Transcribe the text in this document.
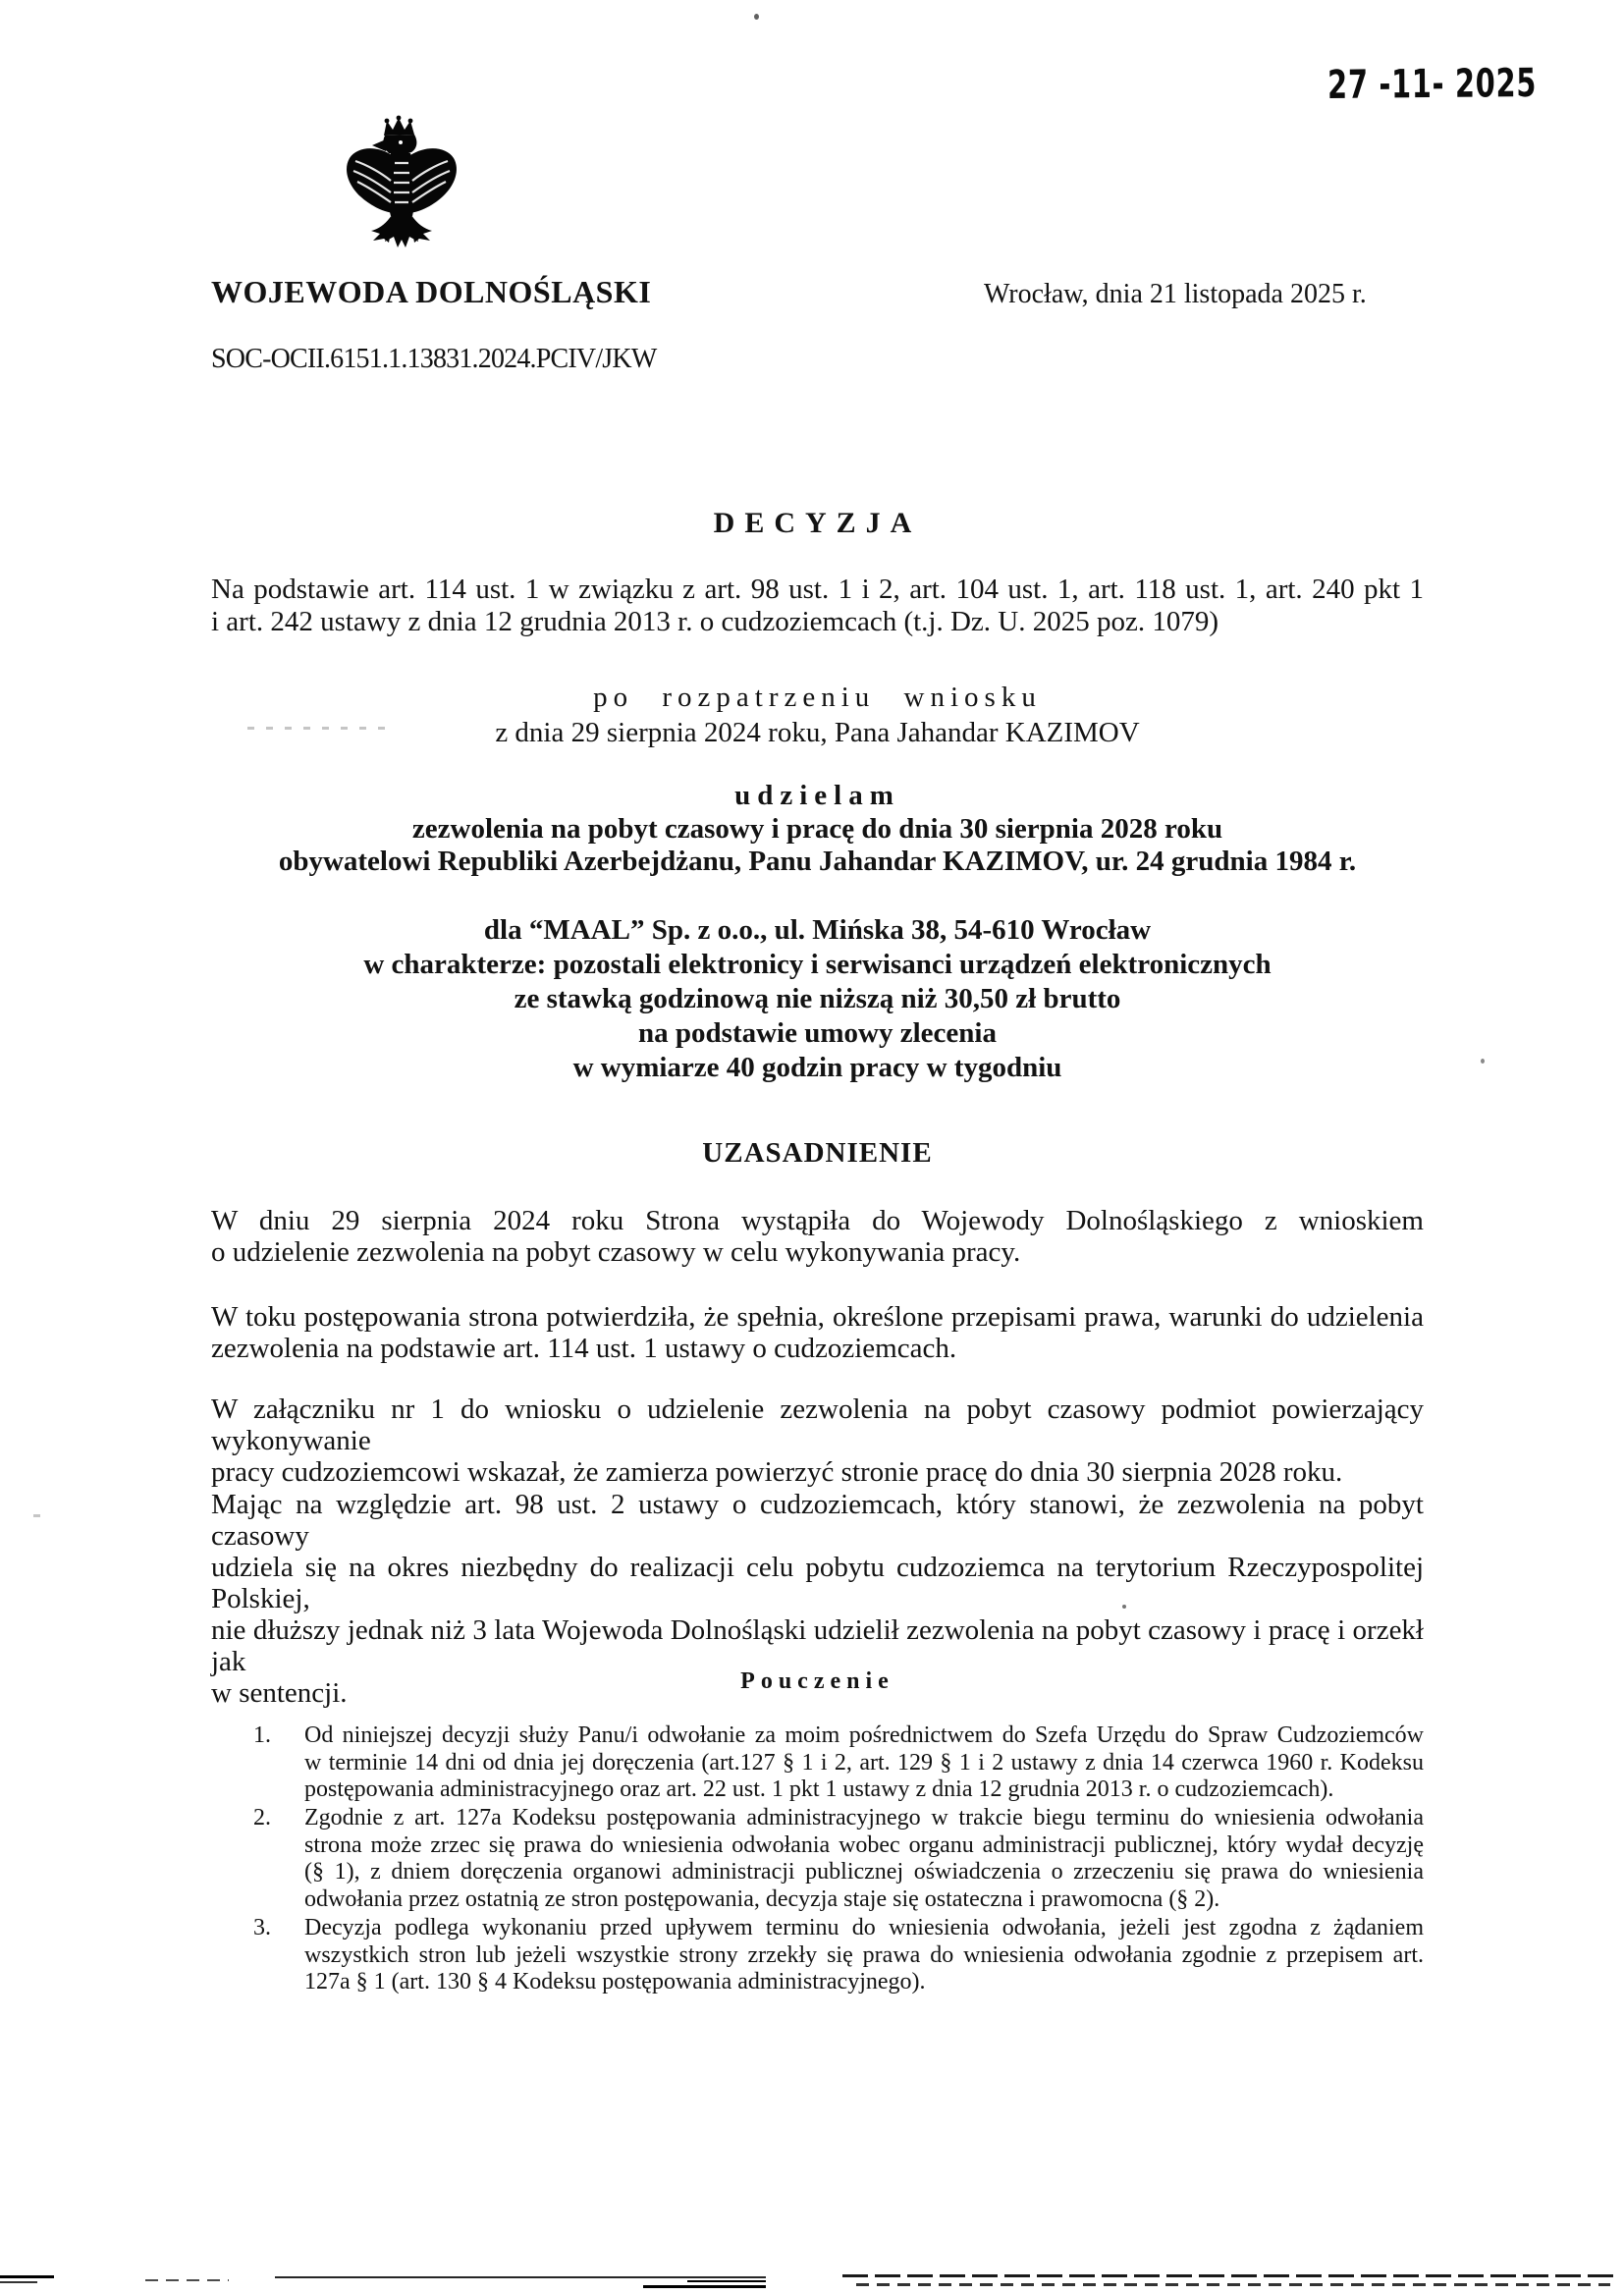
27 -11- 2025
WOJEWODA DOLNOŚLĄSKI	Wrocław, dnia 21 listopada 2025 r.
SOC-OCII.6151.1.13831.2024.PCIV/JKW
DECYZJA
Na podstawie art. 114 ust. 1 w związku z art. 98 ust. 1 i 2, art. 104 ust. 1, art. 118 ust. 1, art. 240 pkt 1
i art. 242 ustawy z dnia 12 grudnia 2013 r. o cudzoziemcach (t.j. Dz. U. 2025 poz. 1079)
po rozpatrzeniu wniosku
z dnia 29 sierpnia 2024 roku, Pana Jahandar KAZIMOV
udzielam
zezwolenia na pobyt czasowy i pracę do dnia 30 sierpnia 2028 roku
obywatelowi Republiki Azerbejdżanu, Panu Jahandar KAZIMOV, ur. 24 grudnia 1984 r.
dla “MAAL” Sp. z o.o., ul. Mińska 38, 54-610 Wrocław
w charakterze: pozostali elektronicy i serwisanci urządzeń elektronicznych
ze stawką godzinową nie niższą niż 30,50 zł brutto
na podstawie umowy zlecenia
w wymiarze 40 godzin pracy w tygodniu
UZASADNIENIE
W dniu 29 sierpnia 2024 roku Strona wystąpiła do Wojewody Dolnośląskiego z wnioskiem
o udzielenie zezwolenia na pobyt czasowy w celu wykonywania pracy.
W toku postępowania strona potwierdziła, że spełnia, określone przepisami prawa, warunki do udzielenia
zezwolenia na podstawie art. 114 ust. 1 ustawy o cudzoziemcach.
W załączniku nr 1 do wniosku o udzielenie zezwolenia na pobyt czasowy podmiot powierzający wykonywanie
pracy cudzoziemcowi wskazał, że zamierza powierzyć stronie pracę do dnia 30 sierpnia 2028 roku.
Mając na względzie art. 98 ust. 2 ustawy o cudzoziemcach, który stanowi, że zezwolenia na pobyt czasowy
udziela się na okres niezbędny do realizacji celu pobytu cudzoziemca na terytorium Rzeczypospolitej Polskiej,
nie dłuższy jednak niż 3 lata Wojewoda Dolnośląski udzielił zezwolenia na pobyt czasowy i pracę i orzekł jak
w sentencji.	Pouczenie
1.	Od niniejszej decyzji służy Panu/i odwołanie za moim pośrednictwem do Szefa Urzędu do Spraw Cudzoziemców
w terminie 14 dni od dnia jej doręczenia (art.127 § 1 i 2, art. 129 § 1 i 2 ustawy z dnia 14 czerwca 1960 r. Kodeksu
postępowania administracyjnego oraz art. 22 ust. 1 pkt 1 ustawy z dnia 12 grudnia 2013 r. o cudzoziemcach).
2.	Zgodnie z art. 127a Kodeksu postępowania administracyjnego w trakcie biegu terminu do wniesienia odwołania
strona może zrzec się prawa do wniesienia odwołania wobec organu administracji publicznej, który wydał decyzję
(§ 1), z dniem doręczenia organowi administracji publicznej oświadczenia o zrzeczeniu się prawa do wniesienia
odwołania przez ostatnią ze stron postępowania, decyzja staje się ostateczna i prawomocna (§ 2).
3.	Decyzja podlega wykonaniu przed upływem terminu do wniesienia odwołania, jeżeli jest zgodna z żądaniem
wszystkich stron lub jeżeli wszystkie strony zrzekły się prawa do wniesienia odwołania zgodnie z przepisem art.
127a § 1 (art. 130 § 4 Kodeksu postępowania administracyjnego).
